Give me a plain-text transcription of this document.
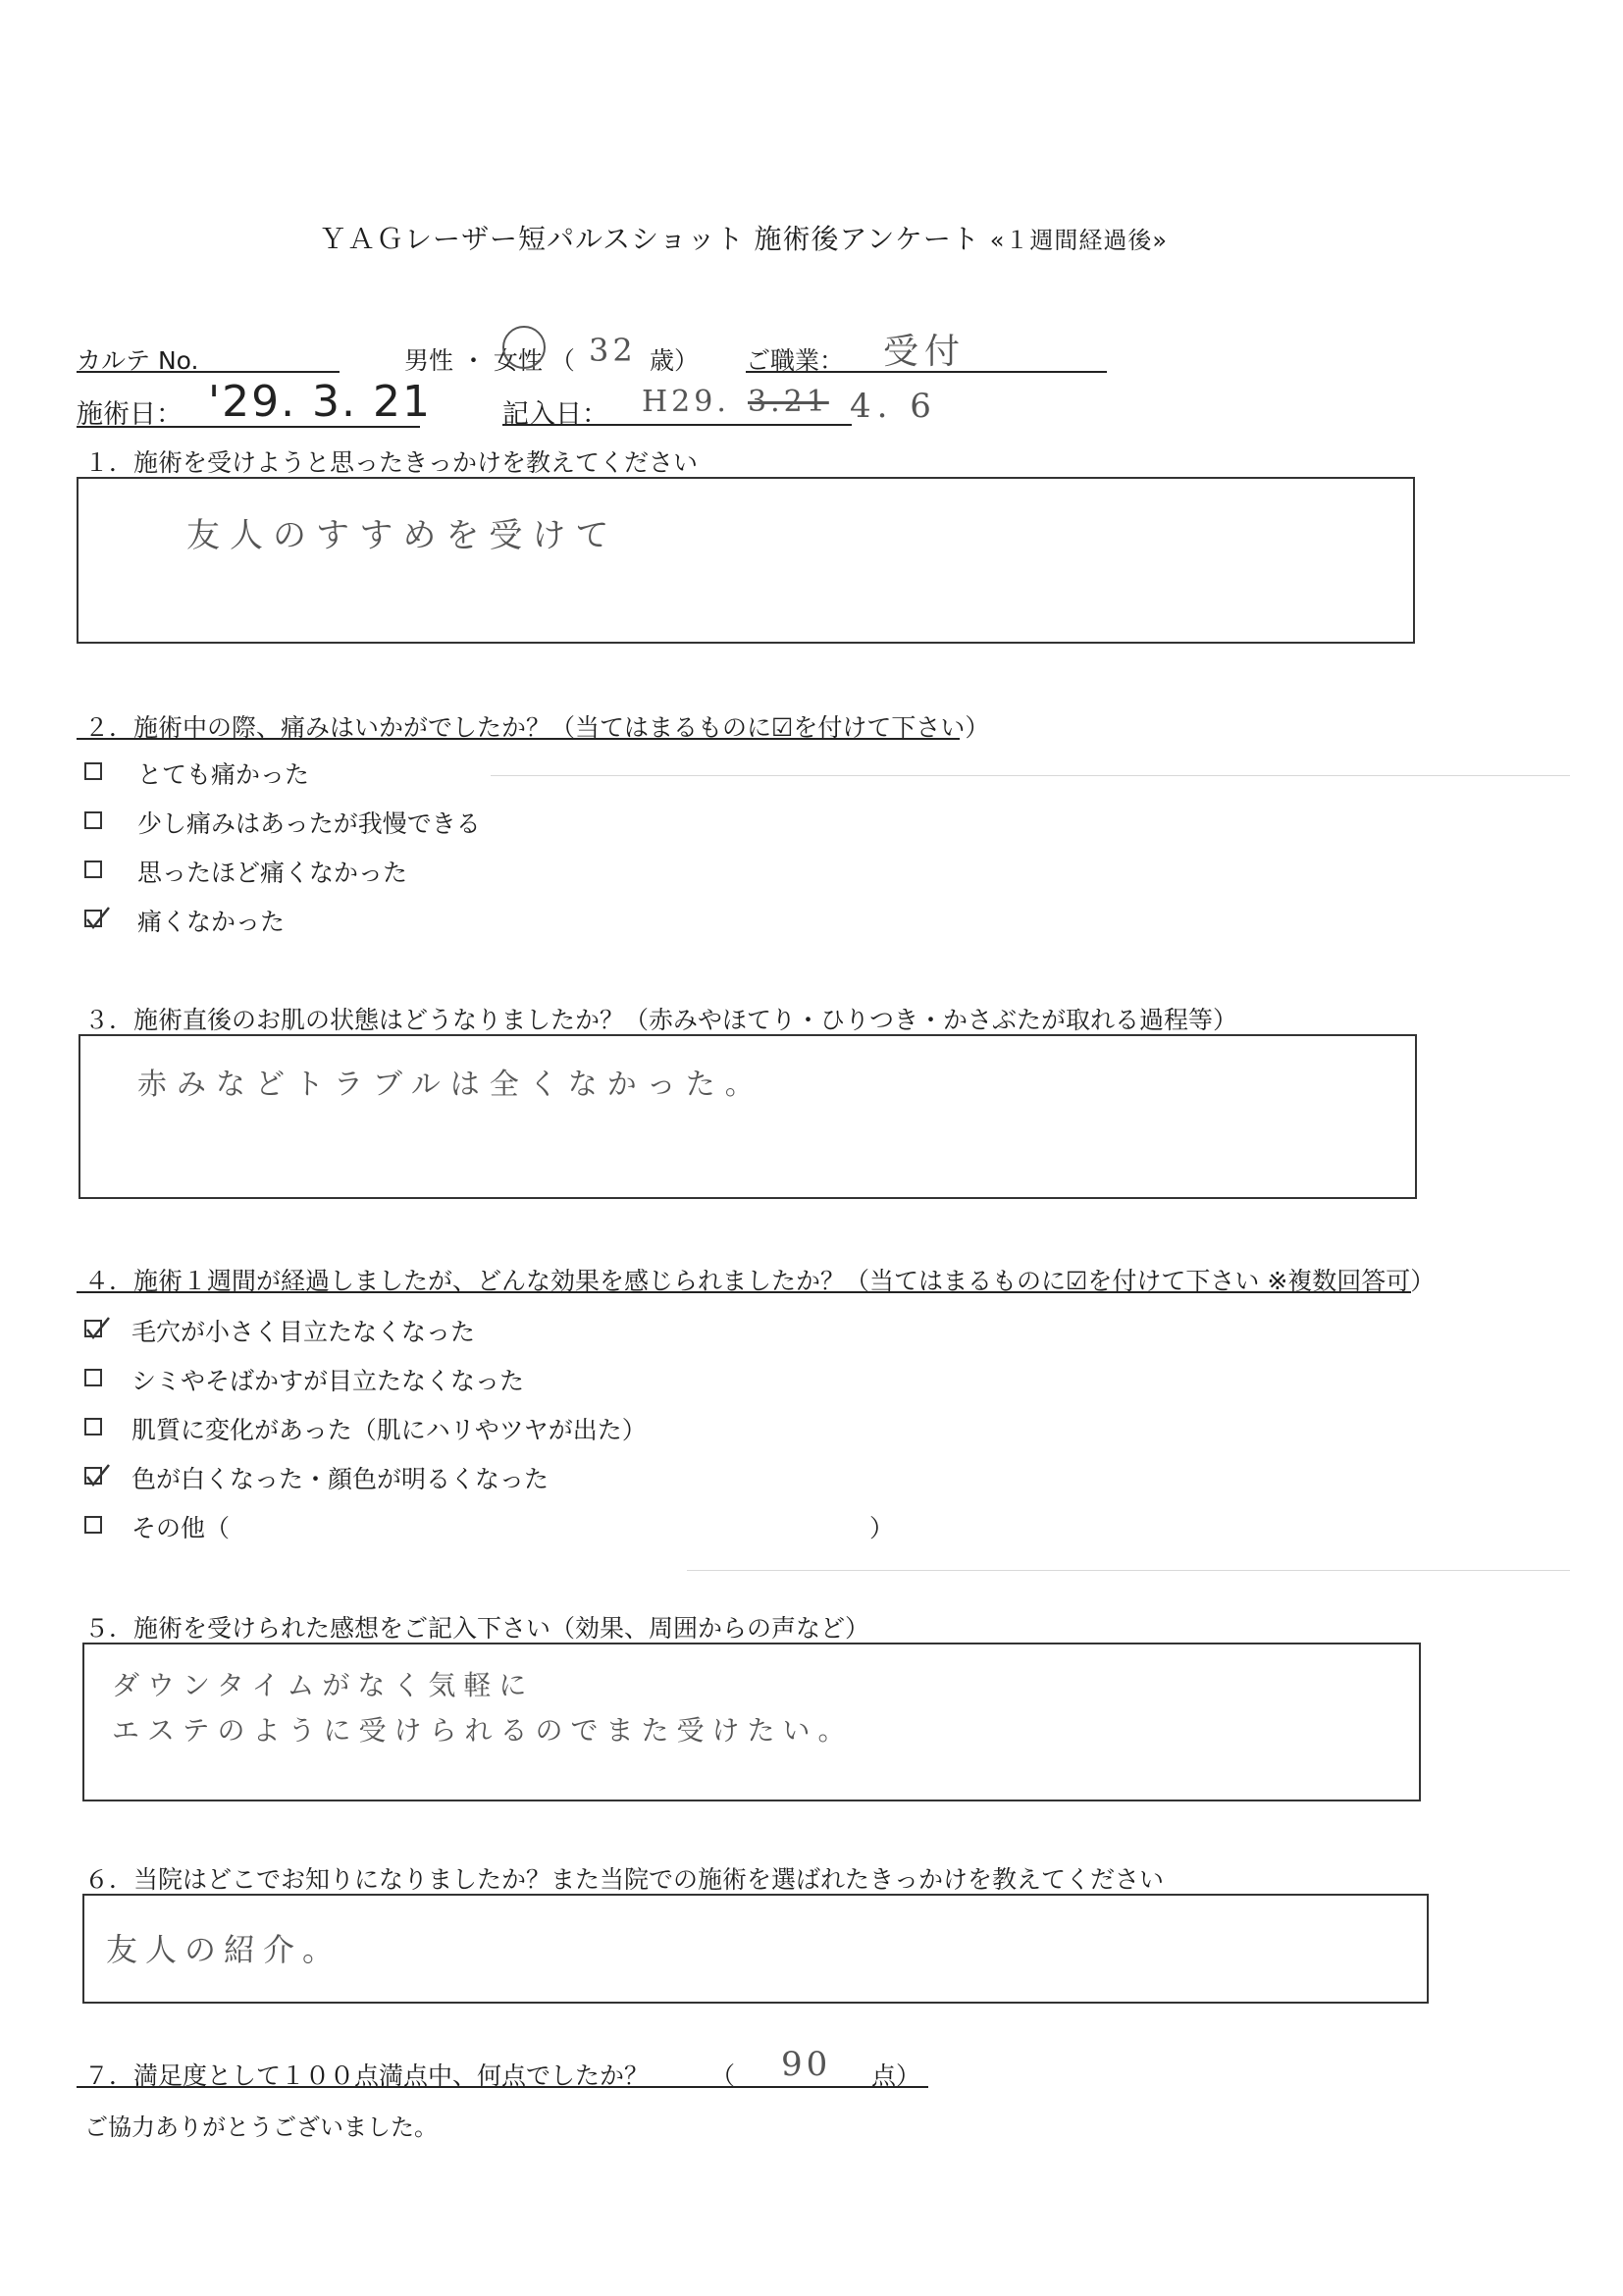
ＹＡＧレーザー短パルスショット 施術後アンケート «１週間経過後»
カルテ No.	男性 ・ 女性 （ 32 歳） ご職業： 受付
施術日： '29. 3. 21	記入日： H29. 3.21 4. 6
１．施術を受けようと思ったきっかけを教えてください
友人のすすめを受けて
２．施術中の際、痛みはいかがでしたか？（当てはまるものに☑を付けて下さい）
とても痛かった
少し痛みはあったが我慢できる
思ったほど痛くなかった
痛くなかった
３．施術直後のお肌の状態はどうなりましたか？（赤みやほてり・ひりつき・かさぶたが取れる過程等）
赤みなどトラブルは全くなかった。
４．施術１週間が経過しましたが、どんな効果を感じられましたか？（当てはまるものに☑を付けて下さい ※複数回答可）
毛穴が小さく目立たなくなった
シミやそばかすが目立たなくなった
肌質に変化があった（肌にハリやツヤが出た）
色が白くなった・顔色が明るくなった
その他（	）
５．施術を受けられた感想をご記入下さい（効果、周囲からの声など）
ダウンタイムがなく気軽に
エステのように受けられるのでまた受けたい。
６．当院はどこでお知りになりましたか？また当院での施術を選ばれたきっかけを教えてください
友人の紹介。
７．満足度として１００点満点中、何点でしたか？	（ 90 点）
ご協力ありがとうございました。
